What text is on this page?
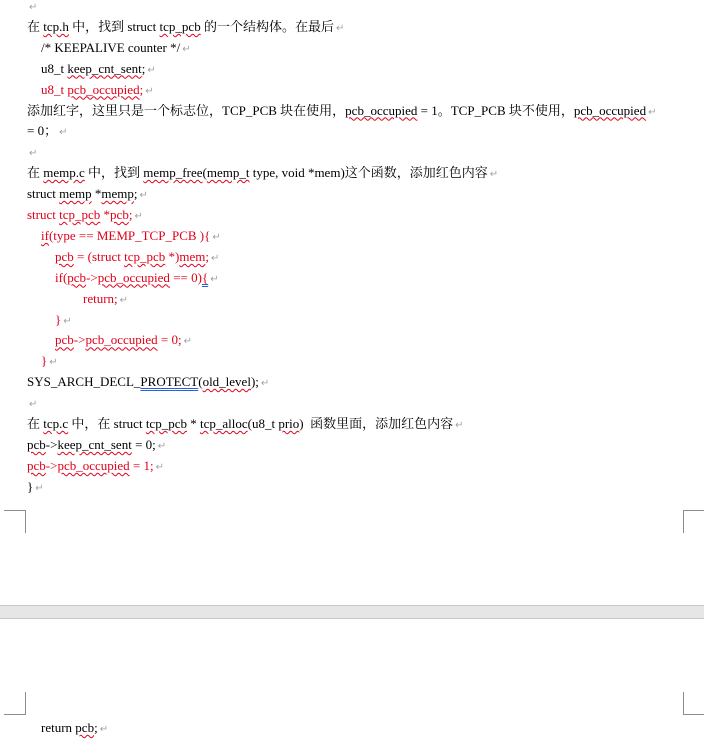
↵
在 tcp.h 中，找到 struct tcp_pcb 的一个结构体。在最后 ↵
/* KEEPALIVE counter */ ↵
u8_t keep_cnt_sent; ↵
u8_t pcb_occupied; ↵
添加红字，这里只是一个标志位，TCP_PCB 块在使用，pcb_occupied = 1。TCP_PCB 块不使用，pcb_occupied ↵
= 0； ↵
↵
在 memp.c 中，找到 memp_free(memp_t type, void *mem)这个函数，添加红色内容 ↵
struct memp *memp; ↵
struct tcp_pcb *pcb; ↵
if(type == MEMP_TCP_PCB ){ ↵
pcb = (struct tcp_pcb *)mem; ↵
if(pcb->pcb_occupied == 0){ ↵
return; ↵
} ↵
pcb->pcb_occupied = 0; ↵
} ↵
SYS_ARCH_DECL_PROTECT(old_level); ↵
↵
在 tcp.c 中，在 struct tcp_pcb * tcp_alloc(u8_t prio)  函数里面，添加红色内容 ↵
pcb->keep_cnt_sent = 0; ↵
pcb->pcb_occupied = 1; ↵
} ↵
return pcb; ↵
